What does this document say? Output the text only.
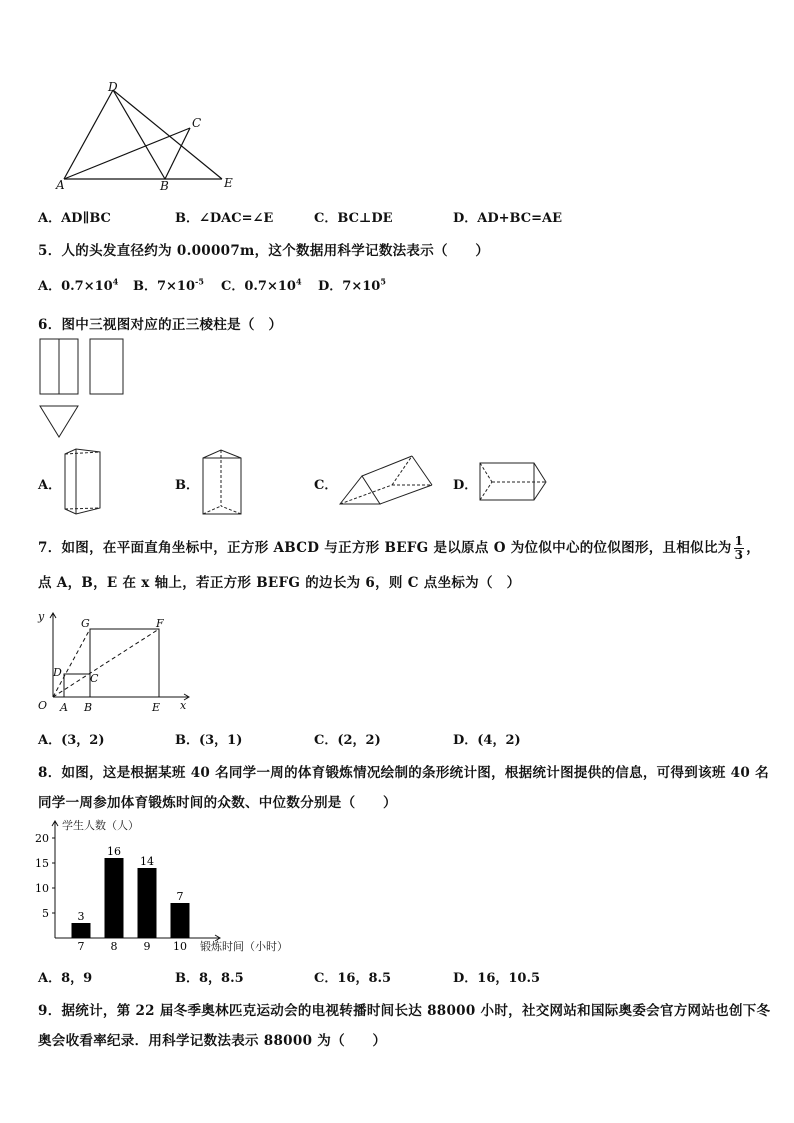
D
C
A	B	E
A．AD∥BC	B．∠DAC=∠E	C．BC⊥DE	D．AD+BC=AE
5．人的头发直径约为 0.00007m，这个数据用科学记数法表示（　　）
A．$0.7\times 10^4$ B．$7\times 10^{-5}$ C．$0.7\times 10^4$ D．$7\times 10^5$
6．图中三视图对应的正三棱柱是（　）
A．	B．	C．	D．
7．如图，在平面直角坐标中，正方形 ABCD 与正方形 BEFG 是以原点 O 为位似中心的位似图形，且相似比为 $\frac{1}{3}$ ，
点 A，B，E 在 x 轴上，若正方形 BEFG 的边长为 6，则 C 点坐标为（　）
y
x
O A B	E
C
D
F
G
A．(3，2)	B．(3，1)	C．(2，2)	D．(4，2)
8．如图，这是根据某班 40 名同学一周的体育锻炼情况绘制的条形统计图，根据统计图提供的信息，可得到该班 40 名
同学一周参加体育锻炼时间的众数、中位数分别是（　　）
学生人数（人）
锻炼时间（小时）
5
10
15
20
3
7
16
8
14
9
7
10
A．8，9	B．8，8.5	C．16，8.5	D．16，10.5
9．据统计，第 22 届冬季奥林匹克运动会的电视转播时间长达 88000 小时，社交网站和国际奥委会官方网站也创下冬
奥会收看率纪录．用科学记数法表示 88000 为（　　）
